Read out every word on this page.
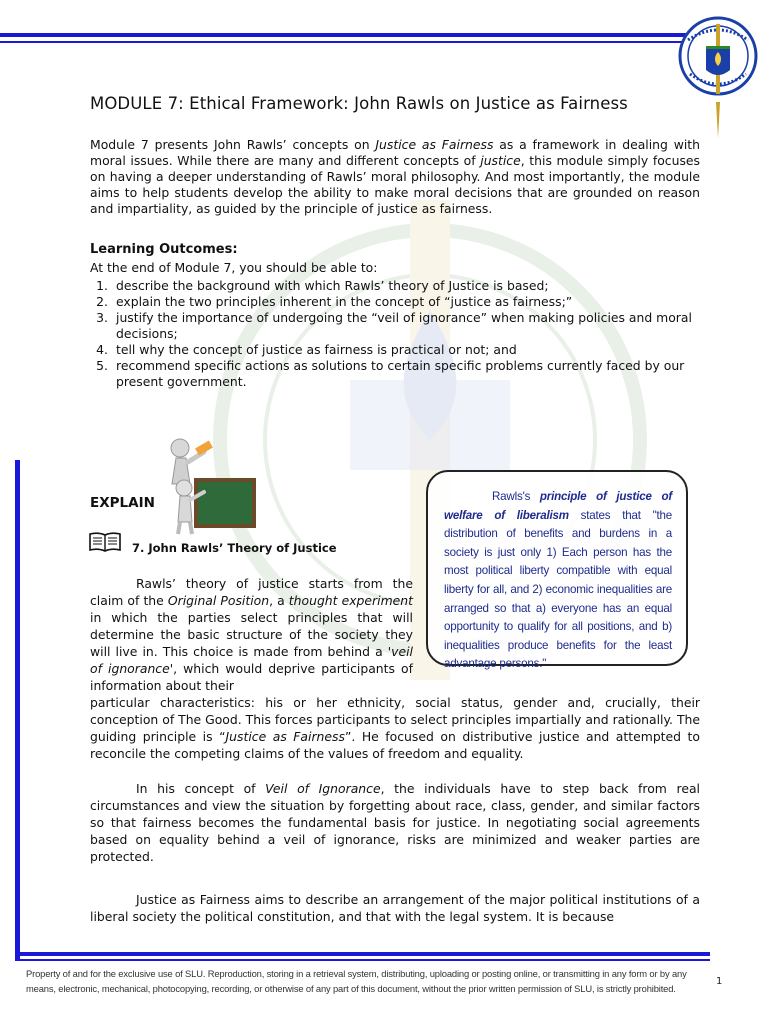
MODULE 7: Ethical Framework: John Rawls on Justice as Fairness
Module 7 presents John Rawls’ concepts on Justice as Fairness as a framework in dealing with moral issues. While there are many and different concepts of justice, this module simply focuses on having a deeper understanding of Rawls’ moral philosophy. And most importantly, the module aims to help students develop the ability to make moral decisions that are grounded on reason and impartiality, as guided by the principle of justice as fairness.
Learning Outcomes:
At the end of Module 7, you should be able to:
1. describe the background with which Rawls’ theory of Justice is based;
2. explain the two principles inherent in the concept of “justice as fairness;”
3. justify the importance of undergoing the “veil of ignorance” when making policies and moral decisions;
4. tell why the concept of justice as fairness is practical or not; and
5. recommend specific actions as solutions to certain specific problems currently faced by our present government.
EXPLAIN
7. John Rawls’ Theory of Justice
Rawls's principle of justice of welfare of liberalism states that "the distribution of benefits and burdens in a society is just only 1) Each person has the most political liberty compatible with equal liberty for all, and 2) economic inequalities are arranged so that a) everyone has an equal opportunity to qualify for all positions, and b) inequalities produce benefits for the least advantage persons."
Rawls’ theory of justice starts from the claim of the Original Position, a thought experiment in which the parties select principles that will determine the basic structure of the society they will live in. This choice is made from behind a 'veil of ignorance', which would deprive participants of information about their
particular characteristics: his or her ethnicity, social status, gender and, crucially, their conception of The Good. This forces participants to select principles impartially and rationally. The guiding principle is “Justice as Fairness”. He focused on distributive justice and attempted to reconcile the competing claims of the values of freedom and equality.
In his concept of Veil of Ignorance, the individuals have to step back from real circumstances and view the situation by forgetting about race, class, gender, and similar factors so that fairness becomes the fundamental basis for justice. In negotiating social agreements based on equality behind a veil of ignorance, risks are minimized and weaker parties are protected.
Justice as Fairness aims to describe an arrangement of the major political institutions of a liberal society the political constitution, and that with the legal system. It is because
Property of and for the exclusive use of SLU. Reproduction, storing in a retrieval system, distributing, uploading or posting online, or transmitting in any form or by any means, electronic, mechanical, photocopying, recording, or otherwise of any part of this document, without the prior written permission of SLU, is strictly prohibited.
1
